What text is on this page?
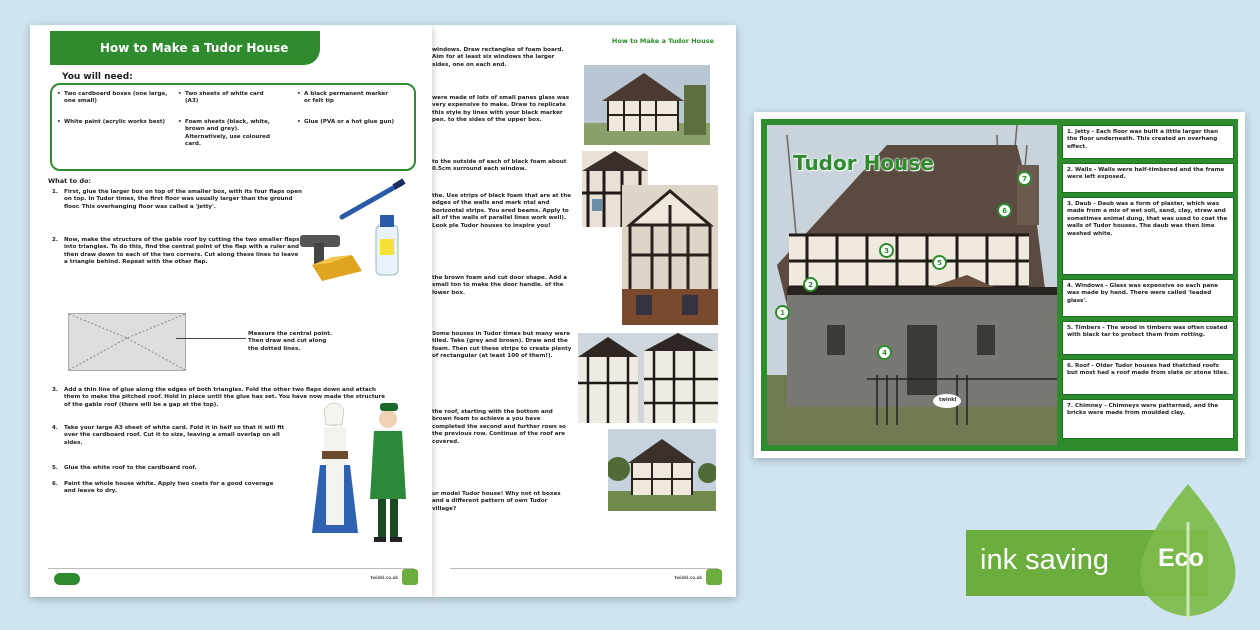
How to Make a Tudor House
You will need:
• Two cardboard boxes (one large, one small)
• White paint (acrylic works best)
• Two sheets of white card (A3)
• Foam sheets (black, white, brown and grey). Alternatively, use coloured card.
• A black permanent marker or felt tip
• Glue (PVA or a hot glue gun)
What to do:
1. First, glue the larger box on top of the smaller box, with its four flaps open on top. In Tudor times, the first floor was usually larger than the ground floor. This overhanging floor was called a 'jetty'.
2. Now, make the structure of the gable roof by cutting the two smaller flaps into triangles. To do this, find the central point of the flap with a ruler and then draw down to each of the two corners. Cut along these lines to leave a triangle behind. Repeat with the other flap.
Measure the central point. Then draw and cut along the dotted lines.
3. Add a thin line of glue along the edges of both triangles. Fold the other two flaps down and attach them to make the pitched roof. Hold in place until the glue has set. You have now made the structure of the gable roof (there will be a gap at the top).
4. Take your large A3 sheet of white card. Fold it in half so that it will fit over the cardboard roof. Cut it to size, leaving a small overlap on all sides.
5. Glue the white roof to the cardboard roof.
6. Paint the whole house white. Apply two coats for a good coverage and leave to dry.
twinkl.co.uk
How to Make a Tudor House
windows. Draw rectangles of foam board. Aim for at least six windows the larger sides, one on each end.
were made of lots of small panes glass was very expensive to make. Draw to replicate this style by lines with your black marker pen. to the sides of the upper box.
to the outside of each of black foam about 0.5cm surround each window.
the. Use strips of black foam that are at the edges of the walls and mark ntal and horizontal strips. You ered beams. Apply to all of the walls of parallel lines work well). Look ple Tudor houses to inspire you!
the brown foam and cut door shape. Add a small ton to make the door handle. of the lower box.
Some houses in Tudor times but many were tiled. Take (grey and brown). Draw and the foam. Then cut these strips to create plenty of rectangular (at least 100 of them!).
the roof, starting with the bottom and brown foam to achieve a you have completed the second and further rows so the previous row. Continue of the roof are covered.
ur model Tudor house! Why not nt boxes and a different pattern of own Tudor village?
twinkl.co.uk
Tudor House
1
2
3
4
5
6
7
twinkl
1. Jetty - Each floor was built a little larger than the floor underneath. This created an overhang effect.
2. Walls - Walls were half-timbered and the frame were left exposed.
3. Daub - Daub was a form of plaster, which was made from a mix of wet soil, sand, clay, straw and sometimes animal dung, that was used to coat the walls of Tudor houses. The daub was then lime washed white.
4. Windows - Glass was expensive so each pane was made by hand. There were called 'leaded glass'.
5. Timbers - The wood in timbers was often coated with black tar to protect them from rotting.
6. Roof - Older Tudor houses had thatched roofs but most had a roof made from slate or stone tiles.
7. Chimney - Chimneys were patterned, and the bricks were made from moulded clay.
ink saving Eco
